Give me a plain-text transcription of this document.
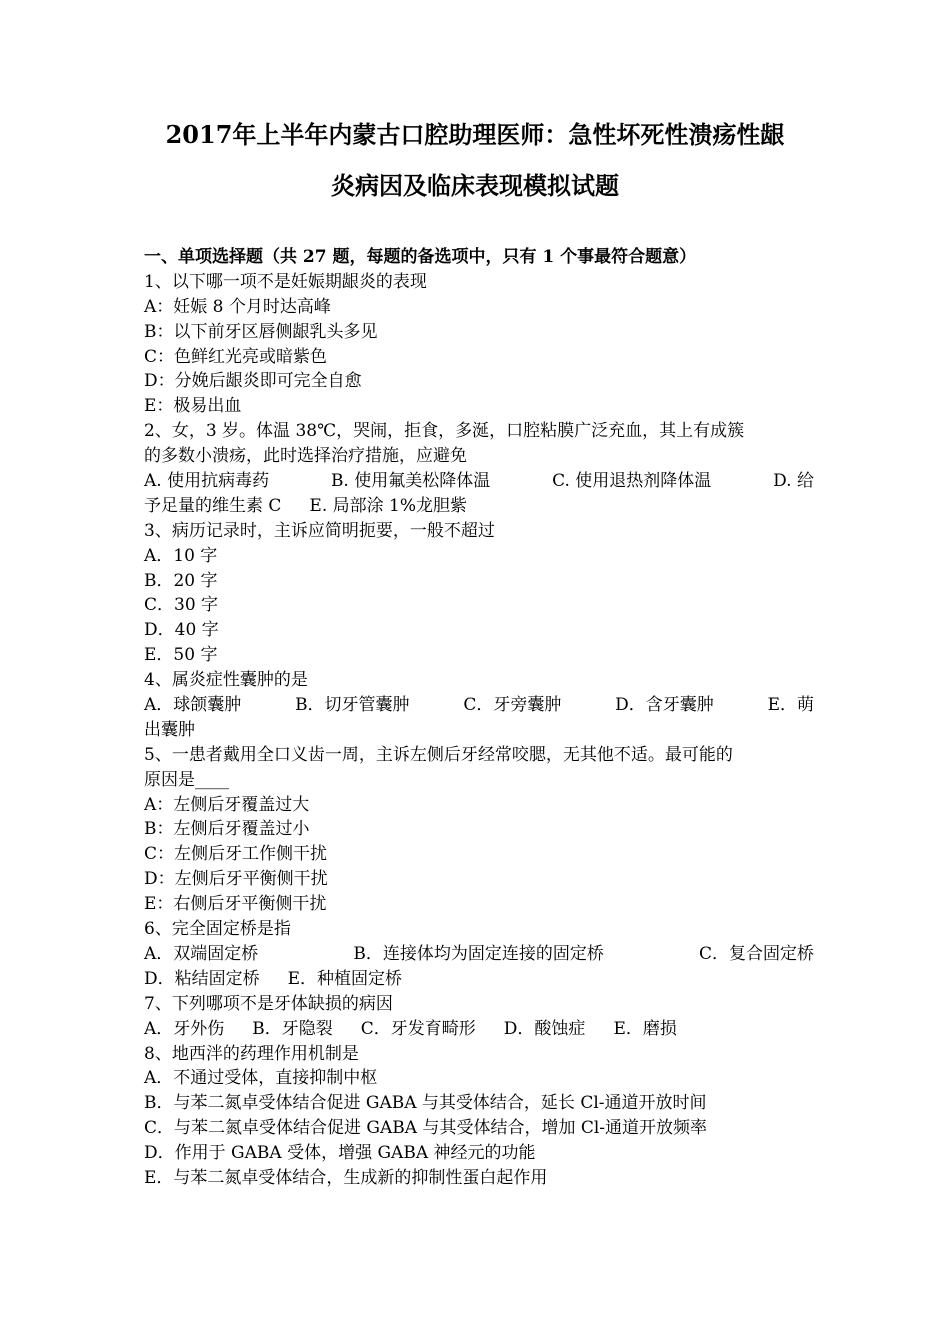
2017年上半年内蒙古口腔助理医师：急性坏死性溃疡性龈
炎病因及临床表现模拟试题
一、单项选择题（共 27 题，每题的备选项中，只有 1 个事最符合题意）
1、以下哪一项不是妊娠期龈炎的表现
A：妊娠 8 个月时达高峰
B：以下前牙区唇侧龈乳头多见
C：色鲜红光亮或暗紫色
D：分娩后龈炎即可完全自愈
E：极易出血
2、女，3 岁。体温 38℃，哭闹，拒食，多涎，口腔粘膜广泛充血，其上有成簇
的多数小溃疡，此时选择治疗措施，应避免
A. 使用抗病毒药	B. 使用氟美松降体温	C. 使用退热剂降体温	D. 给
予足量的维生素 C E. 局部涂 1%龙胆紫
3、病历记录时，主诉应简明扼要，一般不超过
A．10 字
B．20 字
C．30 字
D．40 字
E．50 字
4、属炎症性囊肿的是
A．球颌囊肿	B．切牙管囊肿	C．牙旁囊肿	D．含牙囊肿	E．萌
出囊肿
5、一患者戴用全口义齿一周，主诉左侧后牙经常咬腮，无其他不适。最可能的
原因是____
A：左侧后牙覆盖过大
B：左侧后牙覆盖过小
C：左侧后牙工作侧干扰
D：左侧后牙平衡侧干扰
E：右侧后牙平衡侧干扰
6、完全固定桥是指
A．双端固定桥	B．连接体均为固定连接的固定桥	C．复合固定桥
D．粘结固定桥 E．种植固定桥
7、下列哪项不是牙体缺损的病因
A．牙外伤 B．牙隐裂 C．牙发育畸形 D．酸蚀症 E．磨损
8、地西泮的药理作用机制是
A．不通过受体，直接抑制中枢
B．与苯二氮卓受体结合促进 GABA 与其受体结合，延长 Cl-通道开放时间
C．与苯二氮卓受体结合促进 GABA 与其受体结合，增加 Cl-通道开放频率
D．作用于 GABA 受体，增强 GABA 神经元的功能
E．与苯二氮卓受体结合，生成新的抑制性蛋白起作用
